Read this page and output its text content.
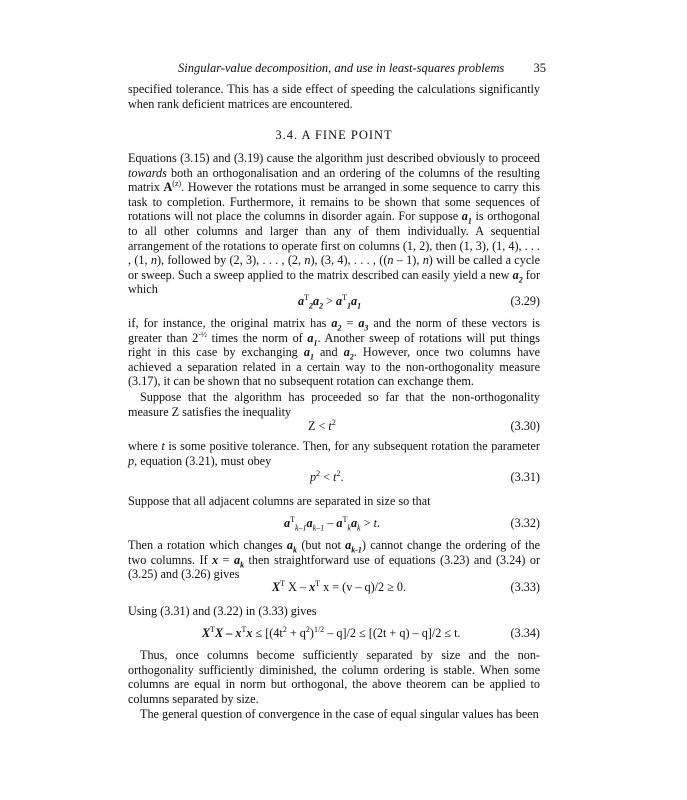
Singular-value decomposition, and use in least-squares problems 35

specified tolerance. This has a side effect of speeding the calculations significantly when rank deficient matrices are encountered.

3.4. A FINE POINT

Equations (3.15) and (3.19) cause the algorithm just described obviously to proceed towards both an orthogonalisation and an ordering of the columns of the resulting matrix $A^{(z)}$. However the rotations must be arranged in some sequence to carry this task to completion. Furthermore, it remains to be shown that some sequences of rotations will not place the columns in disorder again. For suppose $a_1$ is orthogonal to all other columns and larger than any of them individually. A sequential arrangement of the rotations to operate first on columns (1, 2), then (1, 3), (1, 4), . . . , (1, n), followed by (2, 3), . . . , (2, n), (3, 4), . . . , ((n – 1), n) will be called a cycle or sweep. Such a sweep applied to the matrix described can easily yield a new $a_2$ for which

$a^T_2a_2 > a^T_1a_1$	(3.29)

if, for instance, the original matrix has $a_2 = a_3$ and the norm of these vectors is greater than $2^{-\frac{1}{2}}$ times the norm of $a_1$. Another sweep of rotations will put things right in this case by exchanging $a_1$ and $a_2$. However, once two columns have achieved a separation related in a certain way to the non-orthogonality measure (3.17), it can be shown that no subsequent rotation can exchange them.

Suppose that the algorithm has proceeded so far that the non-orthogonality measure Z satisfies the inequality

$Z < t^2$	(3.30)

where t is some positive tolerance. Then, for any subsequent rotation the parameter p, equation (3.21), must obey

$p^2 < t^2$.	(3.31)

Suppose that all adjacent columns are separated in size so that

$a^T_{k-1}a_{k-1} - a^T_ka_k > t$.	(3.32)

Then a rotation which changes $a_k$ (but not $a_{k-1}$) cannot change the ordering of the two columns. If $x = a_k$ then straightforward use of equations (3.23) and (3.24) or (3.25) and (3.26) gives

$X^T$ X – $x^T$ x = (v – q)/2 ≥ 0.	(3.33)

Using (3.31) and (3.22) in (3.33) gives

$X^TX - x^Tx \le [(4t^2 + q^2)^{1/2} - q]/2 \le [(2t + q) - q]/2 \le t$.	(3.34)

Thus, once columns become sufficiently separated by size and the non-orthogonality sufficiently diminished, the column ordering is stable. When some columns are equal in norm but orthogonal, the above theorem can be applied to columns separated by size.

The general question of convergence in the case of equal singular values has been
